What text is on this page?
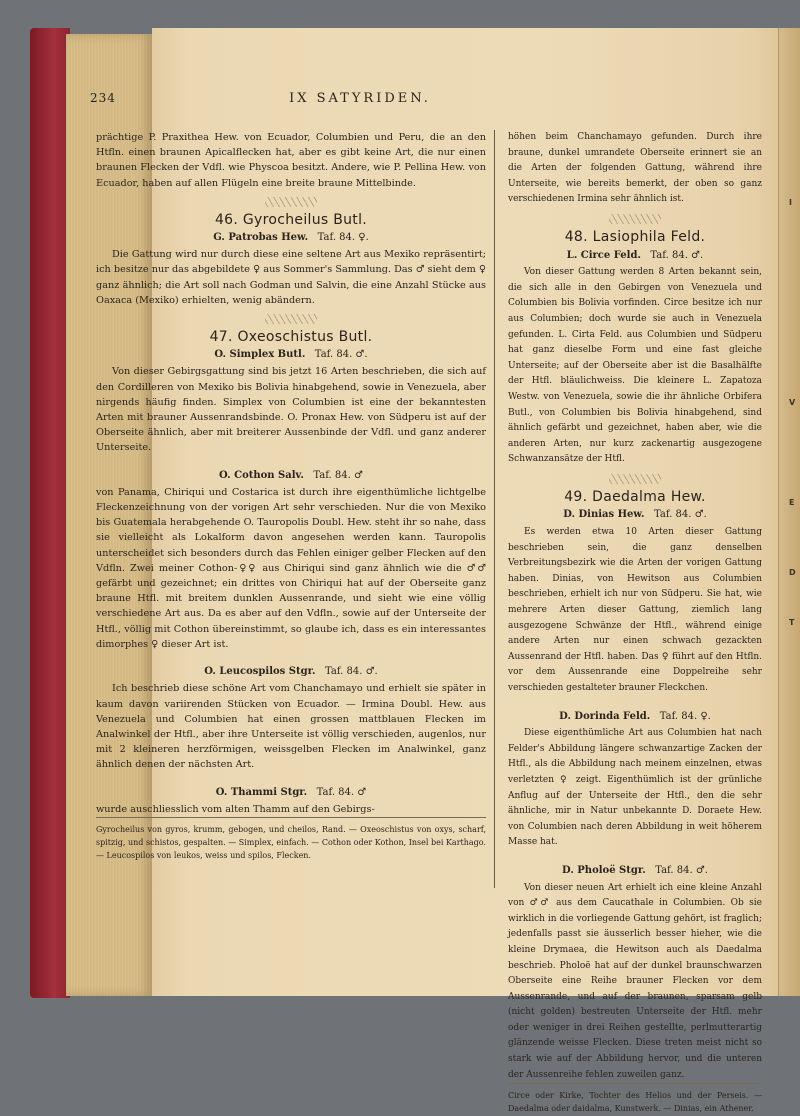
I
V
E
D
T
234	IX SATYRIDEN.

prächtige P. Praxithea Hew. von Ecuador, Columbien und Peru, die an den Htfln. einen braunen Apicalflecken hat, aber es gibt keine Art, die nur einen braunen Flecken der Vdfl. wie Physcoa besitzt. Andere, wie P. Pellina Hew. von Ecuador, haben auf allen Flügeln eine breite braune Mittelbinde.

46. Gyrocheilus Butl.
G. Patrobas Hew. Taf. 84. ♀.

Die Gattung wird nur durch diese eine seltene Art aus Mexiko repräsentirt; ich besitze nur das abgebildete ♀ aus Sommer's Sammlung. Das ♂ sieht dem ♀ ganz ähnlich; die Art soll nach Godman und Salvin, die eine Anzahl Stücke aus Oaxaca (Mexiko) erhielten, wenig abändern.

47. Oxeoschistus Butl.
O. Simplex Butl. Taf. 84. ♂.

Von dieser Gebirgsgattung sind bis jetzt 16 Arten beschrieben, die sich auf den Cordilleren von Mexiko bis Bolivia hinabgehend, sowie in Venezuela, aber nirgends häufig finden. Simplex von Columbien ist eine der bekanntesten Arten mit brauner Aussenrandsbinde. O. Pronax Hew. von Südperu ist auf der Oberseite ähnlich, aber mit breiterer Aussenbinde der Vdfl. und ganz anderer Unterseite.

O. Cothon Salv. Taf. 84. ♂

von Panama, Chiriqui und Costarica ist durch ihre eigenthümliche lichtgelbe Fleckenzeichnung von der vorigen Art sehr verschieden. Nur die von Mexiko bis Guatemala herabgehende O. Tauropolis Doubl. Hew. steht ihr so nahe, dass sie vielleicht als Lokalform davon angesehen werden kann. Tauropolis unterscheidet sich besonders durch das Fehlen einiger gelber Flecken auf den Vdfln. Zwei meiner Cothon-♀♀ aus Chiriqui sind ganz ähnlich wie die ♂♂ gefärbt und gezeichnet; ein drittes von Chiriqui hat auf der Oberseite ganz braune Htfl. mit breitem dunklen Aussenrande, und sieht wie eine völlig verschiedene Art aus. Da es aber auf den Vdfln., sowie auf der Unterseite der Htfl., völlig mit Cothon übereinstimmt, so glaube ich, dass es ein interessantes dimorphes ♀ dieser Art ist.

O. Leucospilos Stgr. Taf. 84. ♂.

Ich beschrieb diese schöne Art vom Chanchamayo und erhielt sie später in kaum davon variirenden Stücken von Ecuador. — Irmina Doubl. Hew. aus Venezuela und Columbien hat einen grossen mattblauen Flecken im Analwinkel der Htfl., aber ihre Unterseite ist völlig verschieden, augenlos, nur mit 2 kleineren herzförmigen, weissgelben Flecken im Analwinkel, ganz ähnlich denen der nächsten Art.

O. Thammi Stgr. Taf. 84. ♂

wurde auschliesslich vom alten Thamm auf den Gebirgs-

Gyrocheilus von gyros, krumm, gebogen, und cheilos, Rand. — Oxeoschistus von oxys, scharf, spitzig, und schistos, gespalten. — Simplex, einfach. — Cothon oder Kothon, Insel bei Karthago. — Leucospilos von leukos, weiss und spilos, Flecken.

höhen beim Chanchamayo gefunden. Durch ihre braune, dunkel umrandete Oberseite erinnert sie an die Arten der folgenden Gattung, während ihre Unterseite, wie bereits bemerkt, der oben so ganz verschiedenen Irmina sehr ähnlich ist.

48. Lasiophila Feld.
L. Circe Feld. Taf. 84. ♂.

Von dieser Gattung werden 8 Arten bekannt sein, die sich alle in den Gebirgen von Venezuela und Columbien bis Bolivia vorfinden. Circe besitze ich nur aus Columbien; doch wurde sie auch in Venezuela gefunden. L. Cirta Feld. aus Columbien und Südperu hat ganz dieselbe Form und eine fast gleiche Unterseite; auf der Oberseite aber ist die Basalhälfte der Htfl. bläulichweiss. Die kleinere L. Zapatoza Westw. von Venezuela, sowie die ihr ähnliche Orbifera Butl., von Columbien bis Bolivia hinabgehend, sind ähnlich gefärbt und gezeichnet, haben aber, wie die anderen Arten, nur kurz zackenartig ausgezogene Schwanzansätze der Htfl.

49. Daedalma Hew.
D. Dinias Hew. Taf. 84. ♂.

Es werden etwa 10 Arten dieser Gattung beschrieben sein, die ganz denselben Verbreitungsbezirk wie die Arten der vorigen Gattung haben. Dinias, von Hewitson aus Columbien beschrieben, erhielt ich nur von Südperu. Sie hat, wie mehrere Arten dieser Gattung, ziemlich lang ausgezogene Schwänze der Htfl., während einige andere Arten nur einen schwach gezackten Aussenrand der Htfl. haben. Das ♀ führt auf den Htfln. vor dem Aussenrande eine Doppelreihe sehr verschieden gestalteter brauner Fleckchen.

D. Dorinda Feld. Taf. 84. ♀.

Diese eigenthümliche Art aus Columbien hat nach Felder's Abbildung längere schwanzartige Zacken der Htfl., als die Abbildung nach meinem einzelnen, etwas verletzten ♀ zeigt. Eigenthümlich ist der grünliche Anflug auf der Unterseite der Htfl., den die sehr ähnliche, mir in Natur unbekannte D. Doraete Hew. von Columbien nach deren Abbildung in weit höherem Masse hat.

D. Pholoë Stgr. Taf. 84. ♂.

Von dieser neuen Art erhielt ich eine kleine Anzahl von ♂♂ aus dem Caucathale in Columbien. Ob sie wirklich in die vorliegende Gattung gehört, ist fraglich; jedenfalls passt sie äusserlich besser hieher, wie die kleine Drymaea, die Hewitson auch als Daedalma beschrieb. Pholoë hat auf der dunkel braunschwarzen Oberseite eine Reihe brauner Flecken vor dem Aussenrande, und auf der braunen, sparsam gelb (nicht golden) bestreuten Unterseite der Htfl. mehr oder weniger in drei Reihen gestellte, perlmutterartig glänzende weisse Flecken. Diese treten meist nicht so stark wie auf der Abbildung hervor, und die unteren der Aussenreihe fehlen zuweilen ganz.

Circe oder Kirke, Tochter des Helios und der Perseis. — Daedalma oder daidalma, Kunstwerk. — Dinias, ein Athener.
